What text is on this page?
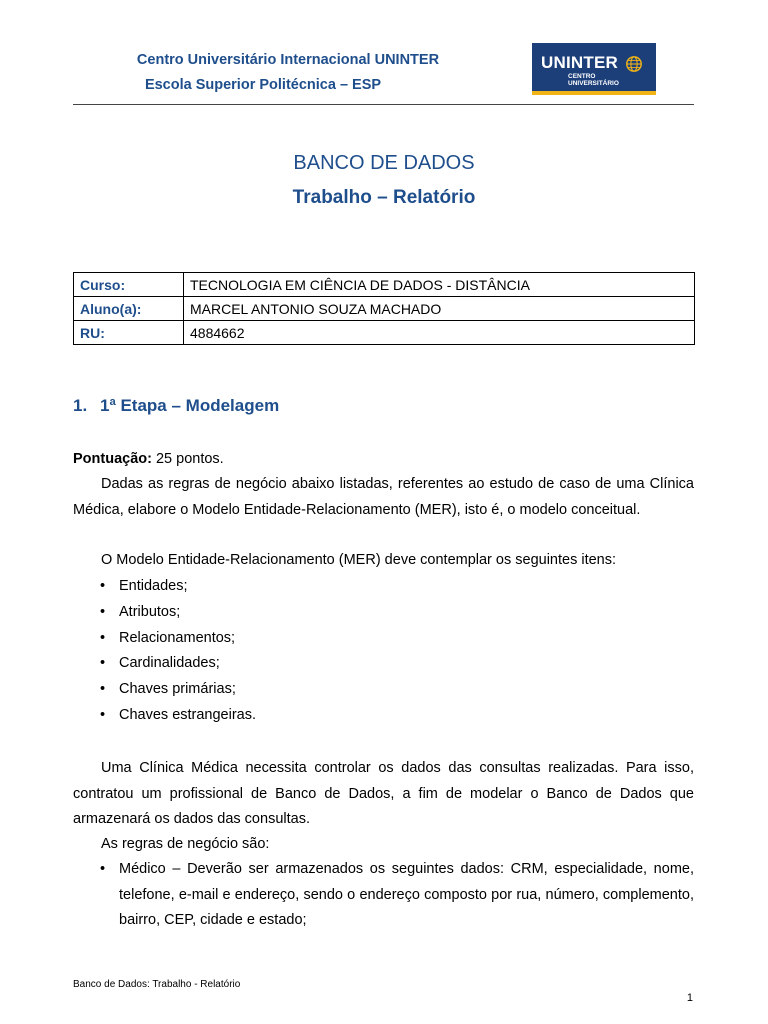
Centro Universitário Internacional UNINTER
Escola Superior Politécnica – ESP
UNINTER
CENTRO
UNIVERSITÁRIO
BANCO DE DADOS
Trabalho – Relatório
Curso:	TECNOLOGIA EM CIÊNCIA DE DADOS - DISTÂNCIA
Aluno(a):	MARCEL ANTONIO SOUZA MACHADO
RU:	4884662
1. 1ª Etapa – Modelagem
Pontuação: 25 pontos.
Dadas as regras de negócio abaixo listadas, referentes ao estudo de caso de uma Clínica Médica, elabore o Modelo Entidade-Relacionamento (MER), isto é, o modelo conceitual.
O Modelo Entidade-Relacionamento (MER) deve contemplar os seguintes itens:
• Entidades;
• Atributos;
• Relacionamentos;
• Cardinalidades;
• Chaves primárias;
• Chaves estrangeiras.
Uma Clínica Médica necessita controlar os dados das consultas realizadas. Para isso, contratou um profissional de Banco de Dados, a fim de modelar o Banco de Dados que armazenará os dados das consultas.
As regras de negócio são:
• Médico – Deverão ser armazenados os seguintes dados: CRM, especialidade, nome, telefone, e-mail e endereço, sendo o endereço composto por rua, número, complemento, bairro, CEP, cidade e estado;
Banco de Dados: Trabalho - Relatório
1
